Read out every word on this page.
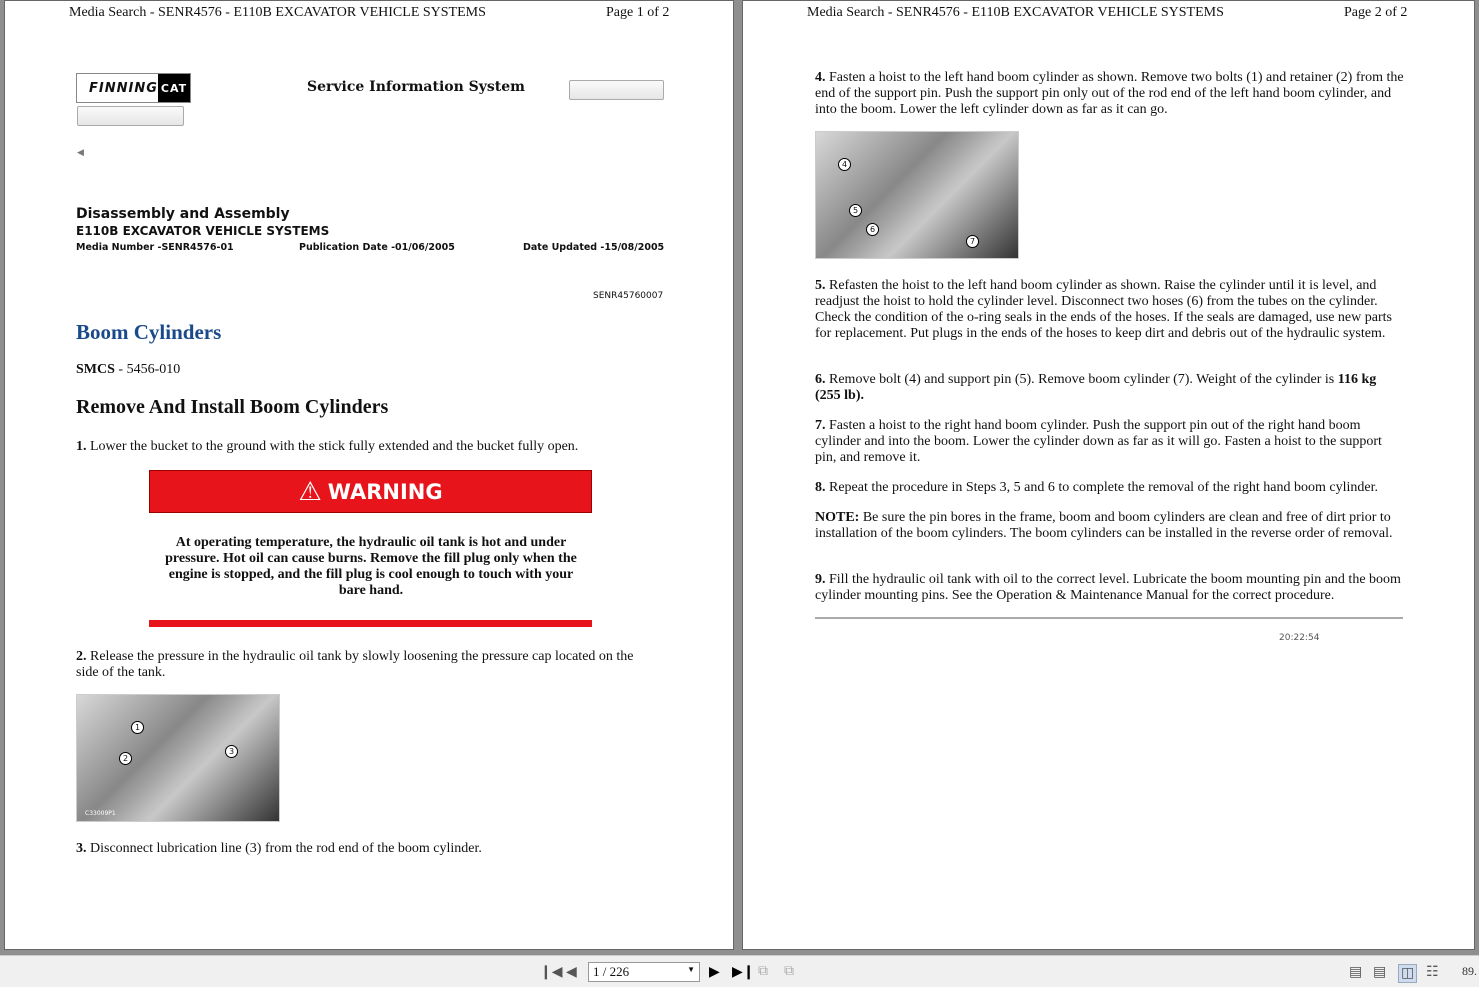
Media Search - SENR4576 - E110B EXCAVATOR VEHICLE SYSTEMS	Page 1 of 2
FINNING CAT	Service Information System
◀
Disassembly and Assembly
E110B EXCAVATOR VEHICLE SYSTEMS
Media Number -SENR4576-01	Publication Date -01/06/2005	Date Updated -15/08/2005
SENR45760007
Boom Cylinders
SMCS - 5456-010
Remove And Install Boom Cylinders

1. Lower the bucket to the ground with the stick fully extended and the bucket fully open.

⚠ WARNING
At operating temperature, the hydraulic oil tank is hot and under pressure. Hot oil can cause burns. Remove the fill plug only when the engine is stopped, and the fill plug is cool enough to touch with your bare hand.

2. Release the pressure in the hydraulic oil tank by slowly loosening the pressure cap located on the side of the tank.

1
2
3
C33009P1

3. Disconnect lubrication line (3) from the rod end of the boom cylinder.

Media Search - SENR4576 - E110B EXCAVATOR VEHICLE SYSTEMS	Page 2 of 2

4. Fasten a hoist to the left hand boom cylinder as shown. Remove two bolts (1) and retainer (2) from the end of the support pin. Push the support pin only out of the rod end of the left hand boom cylinder, and into the boom. Lower the left cylinder down as far as it can go.

4
5
6
7

5. Refasten the hoist to the left hand boom cylinder as shown. Raise the cylinder until it is level, and readjust the hoist to hold the cylinder level. Disconnect two hoses (6) from the tubes on the cylinder. Check the condition of the o-ring seals in the ends of the hoses. If the seals are damaged, use new parts for replacement. Put plugs in the ends of the hoses to keep dirt and debris out of the hydraulic system.

6. Remove bolt (4) and support pin (5). Remove boom cylinder (7). Weight of the cylinder is 116 kg (255 lb).

7. Fasten a hoist to the right hand boom cylinder. Push the support pin out of the right hand boom cylinder and into the boom. Lower the cylinder down as far as it will go. Fasten a hoist to the support pin, and remove it.

8. Repeat the procedure in Steps 3, 5 and 6 to complete the removal of the right hand boom cylinder.

NOTE: Be sure the pin bores in the frame, boom and boom cylinders are clean and free of dirt prior to installation of the boom cylinders. The boom cylinders can be installed in the reverse order of removal.

9. Fill the hydraulic oil tank with oil to the correct level. Lubricate the boom mounting pin and the boom cylinder mounting pins. See the Operation & Maintenance Manual for the correct procedure.

20:22:54
❙◀ ◀	1 / 226	▼ ▶ ▶❙ ⧉ ⧉	▤ ▤ ◫ ☷ 89.
